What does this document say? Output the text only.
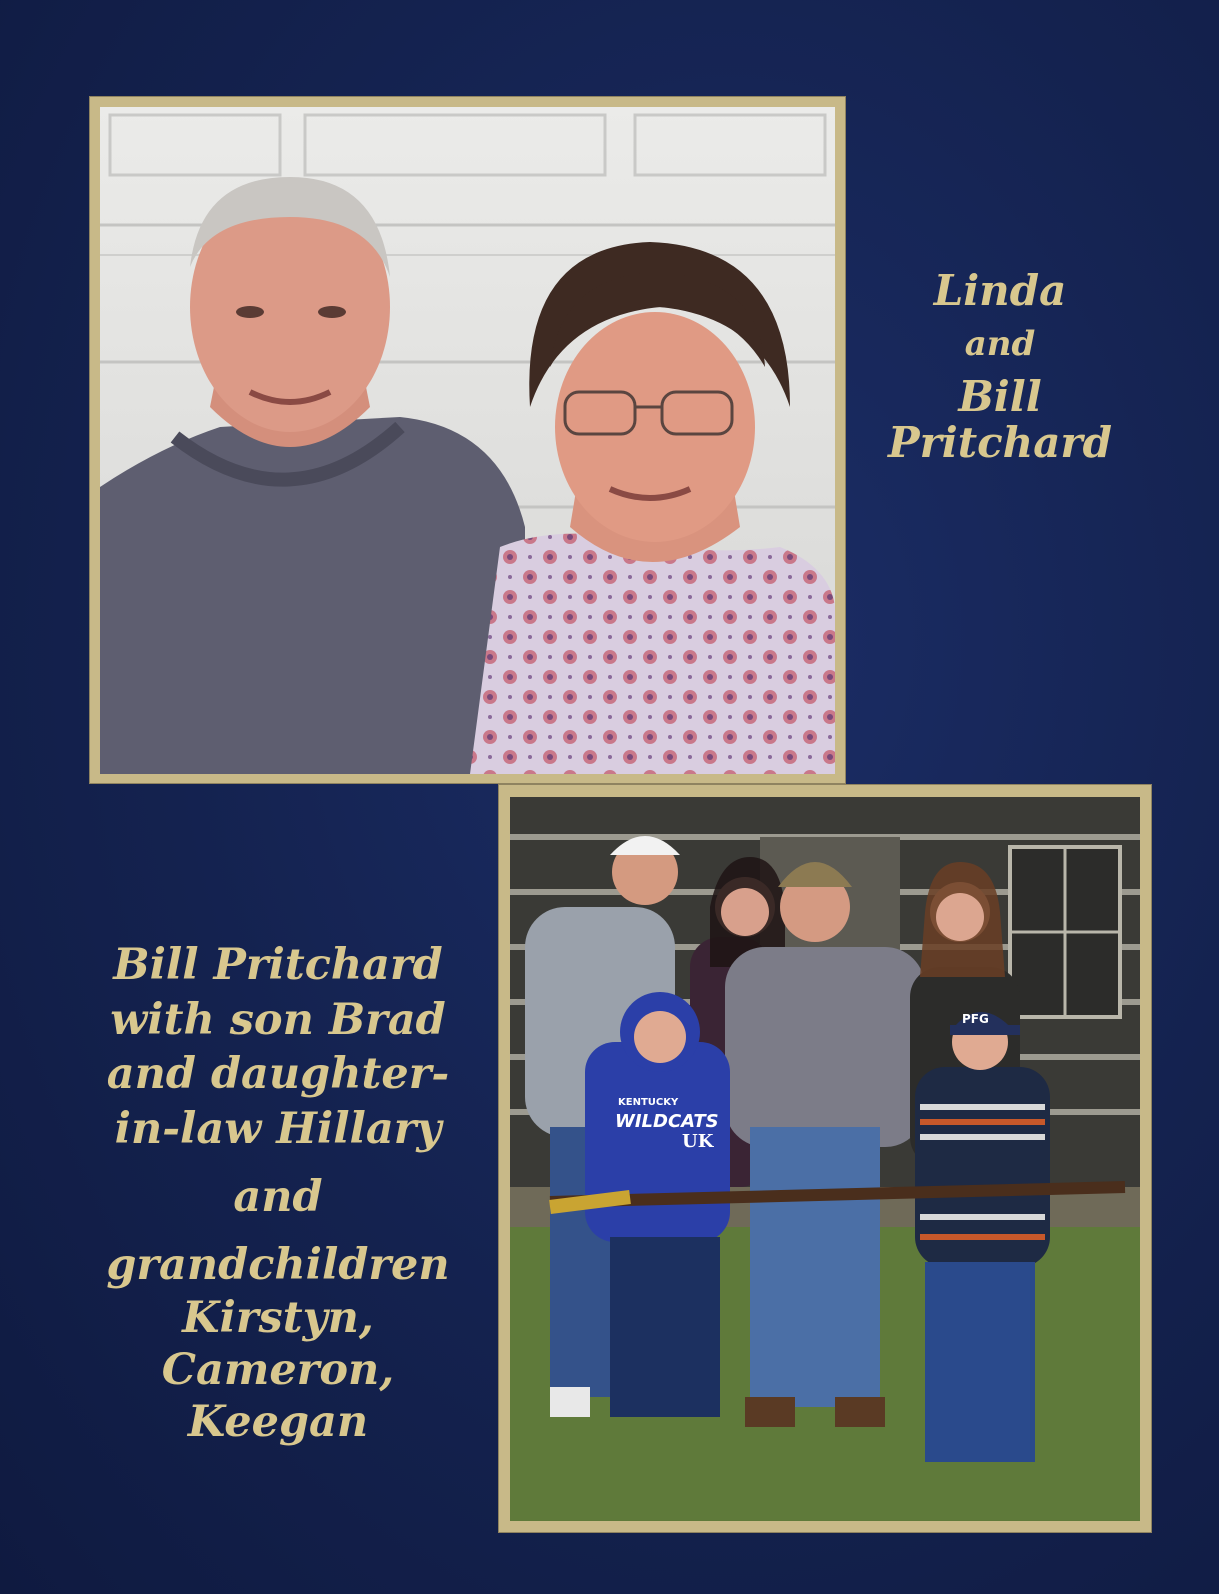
Linda
and
Bill
Pritchard
KENTUCKY
WILDCATS
UK
PFG
Bill Pritchard
with son Brad
and daughter-
in-law Hillary
and
grandchildren
Kirstyn,
Cameron,
Keegan
